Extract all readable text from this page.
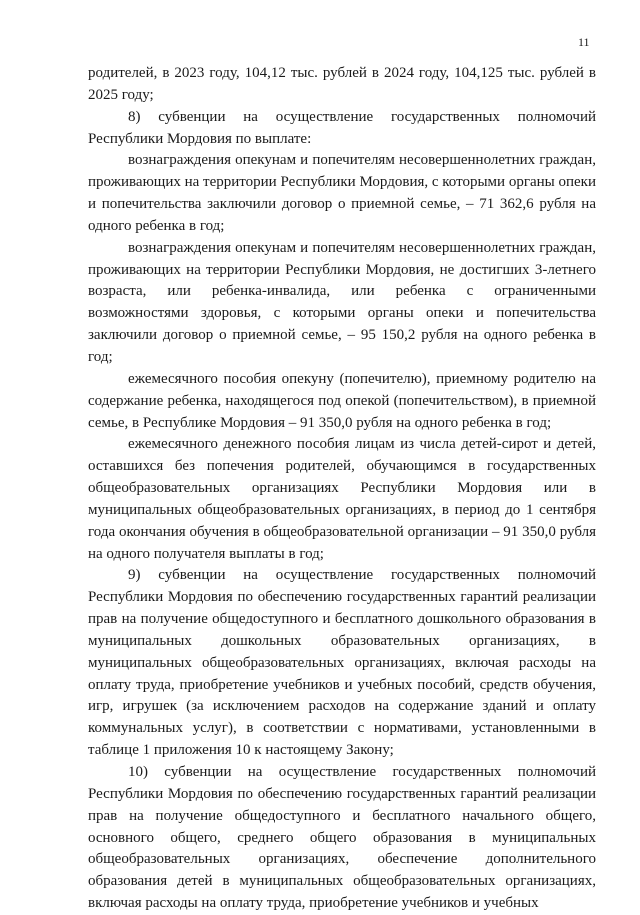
11

родителей, в 2023 году, 104,12 тыс. рублей в 2024 году, 104,125 тыс. рублей в 2025 году;

8) субвенции на осуществление государственных полномочий Республики Мордовия по выплате:

вознаграждения опекунам и попечителям несовершеннолетних граждан, проживающих на территории Республики Мордовия, с которыми органы опеки и попечительства заключили договор о приемной семье, – 71 362,6 рубля на одного ребенка в год;

вознаграждения опекунам и попечителям несовершеннолетних граждан, проживающих на территории Республики Мордовия, не достигших 3-летнего возраста, или ребенка-инвалида, или ребенка с ограниченными возможностями здоровья, с которыми органы опеки и попечительства заключили договор о приемной семье, – 95 150,2 рубля на одного ребенка в год;

ежемесячного пособия опекуну (попечителю), приемному родителю на содержание ребенка, находящегося под опекой (попечительством), в приемной семье, в Республике Мордовия – 91 350,0 рубля на одного ребенка в год;

ежемесячного денежного пособия лицам из числа детей-сирот и детей, оставшихся без попечения родителей, обучающимся в государственных общеобразовательных организациях Республики Мордовия или в муниципальных общеобразовательных организациях, в период до 1 сентября года окончания обучения в общеобразовательной организации – 91 350,0 рубля на одного получателя выплаты в год;

9) субвенции на осуществление государственных полномочий Республики Мордовия по обеспечению государственных гарантий реализации прав на получение общедоступного и бесплатного дошкольного образования в муниципальных дошкольных образовательных организациях, в муниципальных общеобразовательных организациях, включая расходы на оплату труда, приобретение учебников и учебных пособий, средств обучения, игр, игрушек (за исключением расходов на содержание зданий и оплату коммунальных услуг), в соответствии с нормативами, установленными в таблице 1 приложения 10 к настоящему Закону;

10) субвенции на осуществление государственных полномочий Республики Мордовия по обеспечению государственных гарантий реализации прав на получение общедоступного и бесплатного начального общего, основного общего, среднего общего образования в муниципальных общеобразовательных организациях, обеспечение дополнительного образования детей в муниципальных общеобразовательных организациях, включая расходы на оплату труда, приобретение учебников и учебных
